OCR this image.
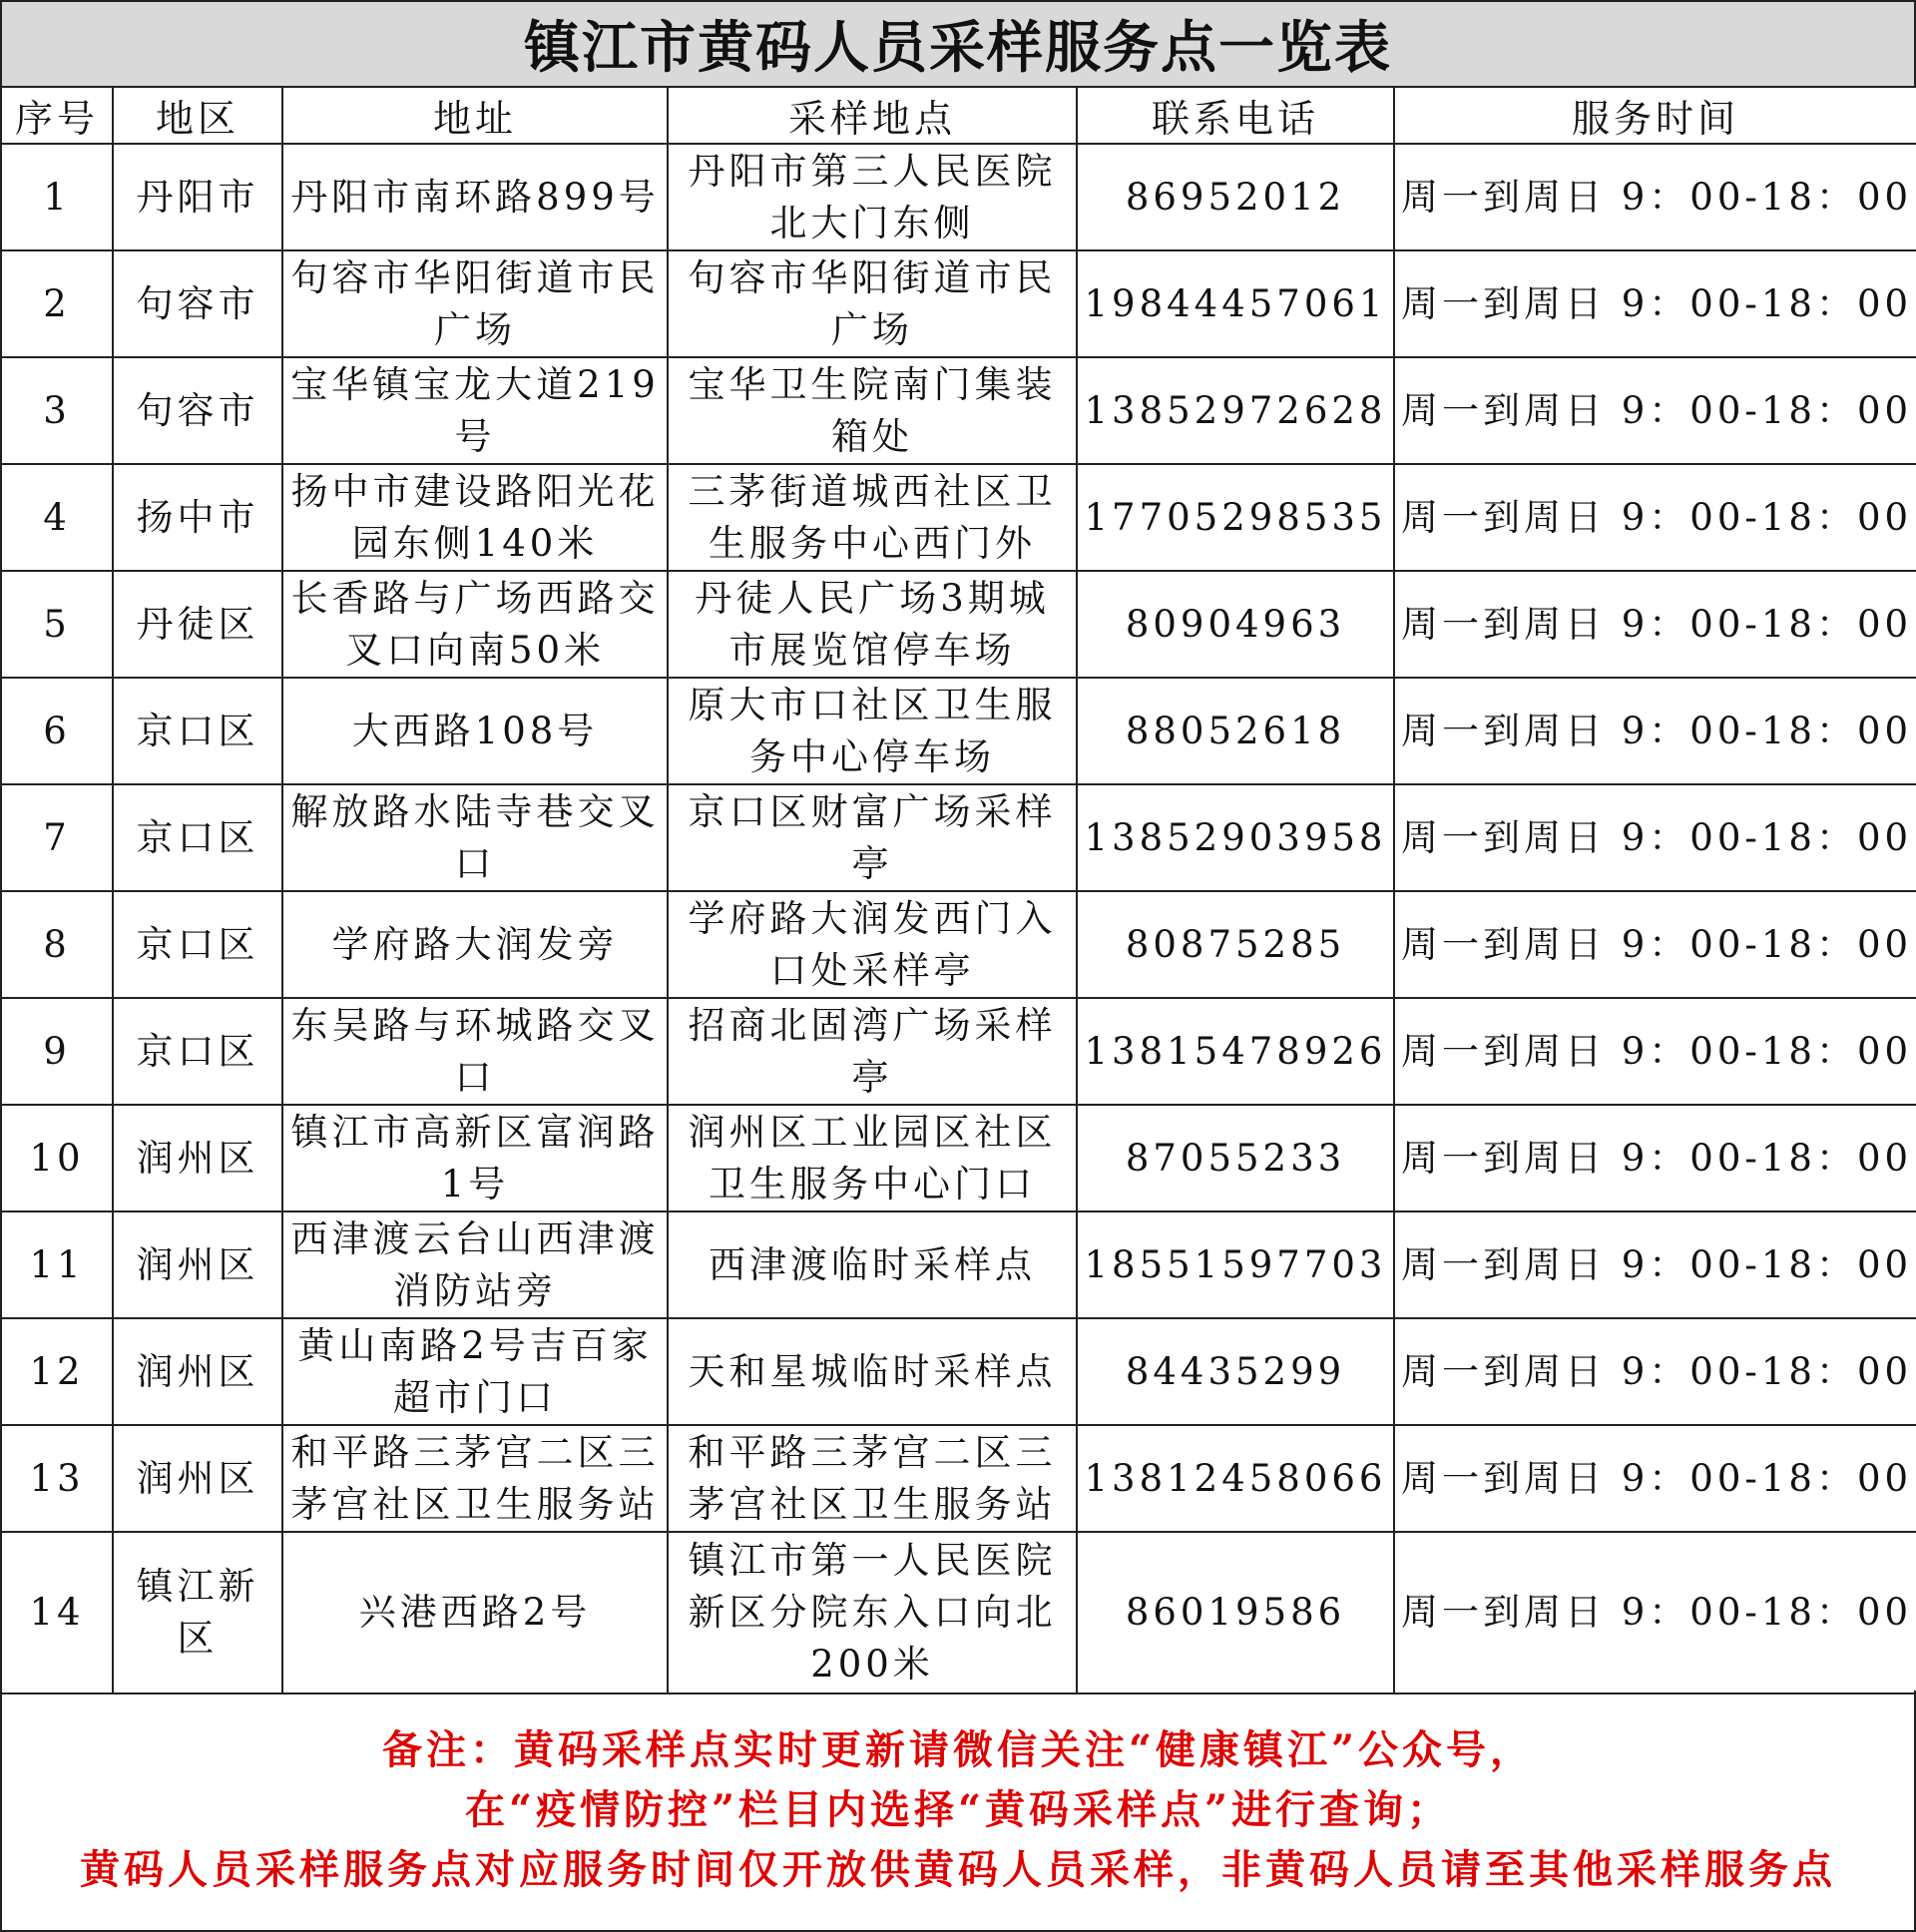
镇江市黄码人员采样服务点一览表
序号	地区	地址	采样地点	联系电话	服务时间
1	丹阳市	丹阳市南环路899号	丹阳市第三人民医院北大门东侧	86952012	周一到周日 9：00-18：00
2	句容市	句容市华阳街道市民广场	句容市华阳街道市民广场	19844457061	周一到周日 9：00-18：00
3	句容市	宝华镇宝龙大道219号	宝华卫生院南门集装箱处	13852972628	周一到周日 9：00-18：00
4	扬中市	扬中市建设路阳光花园东侧140米	三茅街道城西社区卫生服务中心西门外	17705298535	周一到周日 9：00-18：00
5	丹徒区	长香路与广场西路交叉口向南50米	丹徒人民广场3期城市展览馆停车场	80904963	周一到周日 9：00-18：00
6	京口区	大西路108号	原大市口社区卫生服务中心停车场	88052618	周一到周日 9：00-18：00
7	京口区	解放路水陆寺巷交叉口	京口区财富广场采样亭	13852903958	周一到周日 9：00-18：00
8	京口区	学府路大润发旁	学府路大润发西门入口处采样亭	80875285	周一到周日 9：00-18：00
9	京口区	东吴路与环城路交叉口	招商北固湾广场采样亭	13815478926	周一到周日 9：00-18：00
10	润州区	镇江市高新区富润路1号	润州区工业园区社区卫生服务中心门口	87055233	周一到周日 9：00-18：00
11	润州区	西津渡云台山西津渡消防站旁	西津渡临时采样点	18551597703	周一到周日 9：00-18：00
12	润州区	黄山南路2号吉百家超市门口	天和星城临时采样点	84435299	周一到周日 9：00-18：00
13	润州区	和平路三茅宫二区三茅宫社区卫生服务站	和平路三茅宫二区三茅宫社区卫生服务站	13812458066	周一到周日 9：00-18：00
14	镇江新区	兴港西路2号	镇江市第一人民医院新区分院东入口向北200米	86019586	周一到周日 9：00-18：00
备注：黄码采样点实时更新请微信关注“健康镇江”公众号，
在“疫情防控”栏目内选择“黄码采样点”进行查询；
黄码人员采样服务点对应服务时间仅开放供黄码人员采样，非黄码人员请至其他采样服务点
